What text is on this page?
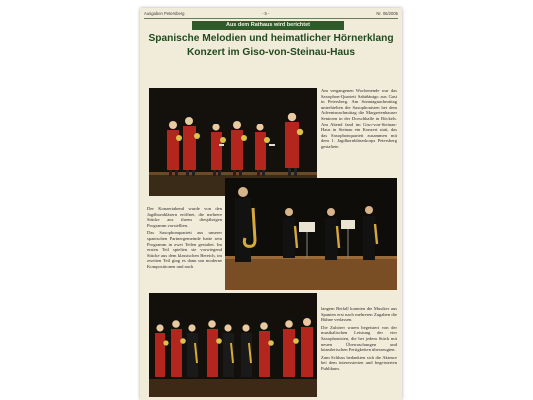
Ausgaben Petersberg	- 5 -	Nr. 06/2006
Aus dem Rathaus wird berichtet
Spanische Melodien und heimatlicher Hörnerklang
Konzert im Giso-von-Steinau-Haus

Am vergangenen Wochenende war das Saxophon-Quartett Sabiñánigo aus Gast in Petersberg. Am Sonntagnachmittag unterhielten die Saxophonisten bei dem Adventsnachmittag die Margretenhauser Senioren in der Dorschhalle in Böckels. Am Abend fand im Giso-von-Steinau-Haus in Steinau ein Konzert statt, das das Saxophonquartett zusammen mit dem 1. Jagdhornbläserkorps Petersberg gestaltete.

Der Konzertabend wurde von den Jagdhornbläsern eröffnet, die mehrere Stücke aus ihrem diesjährigen Programm vorstellten.

Das Saxophonquartett aus unserer spanischen Partnergemeinde hatte sein Programm in zwei Teilen gestaltet. Im ersten Teil spielten sie vorwiegend Stücke aus dem klassischen Bereich, im zweiten Teil ging es dann um moderne Kompositionen und nach

langem Beifall konnten die Musiker aus Spanien erst nach mehreren Zugaben die Bühne verlassen.

Die Zuhörer waren begeistert von der musikalischen Leistung der vier Saxophonisten, die bei jedem Stück mit neuen Überraschungen und künstlerischen Fertigkeiten überzeugten.

Zum Schluss bedankten sich die Akteure bei dem interessierten und begeisterten Publikum.
